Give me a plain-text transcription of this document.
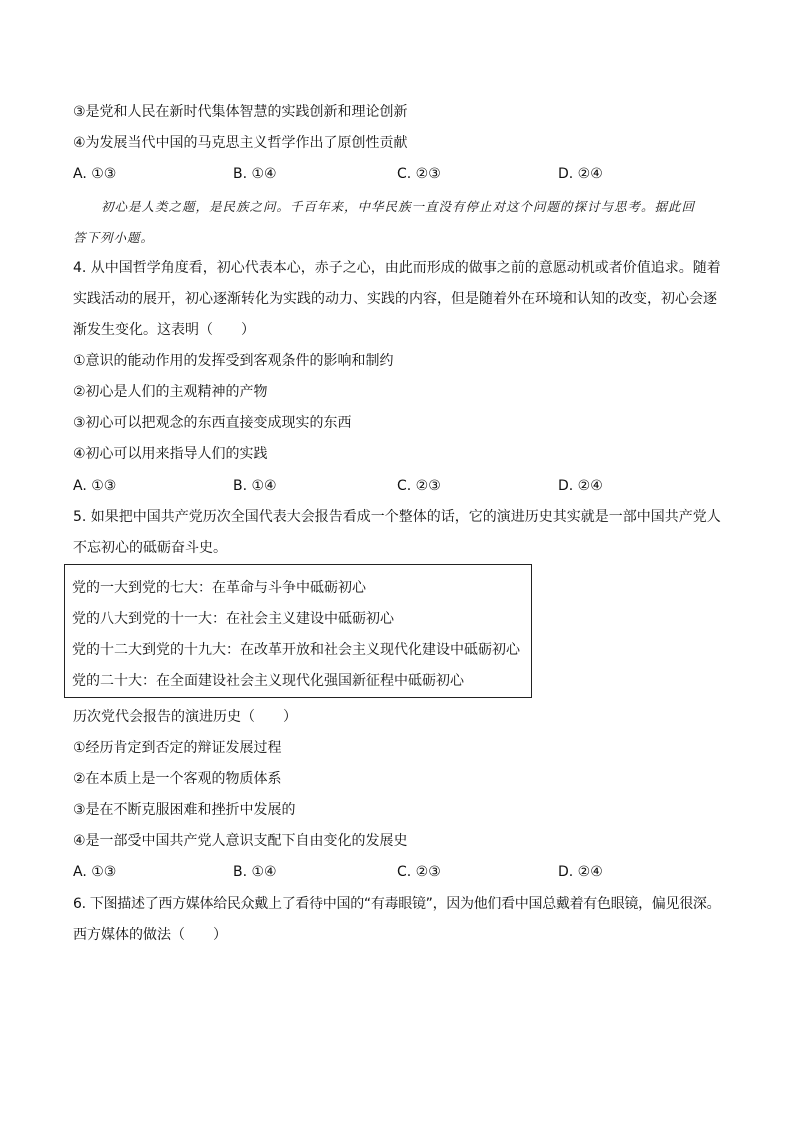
③是党和人民在新时代集体智慧的实践创新和理论创新
④为发展当代中国的马克思主义哲学作出了原创性贡献
A. ①③	B. ①④	C. ②③	D. ②④
初心是人类之题，是民族之问。千百年来，中华民族一直没有停止对这个问题的探讨与思考。据此回
答下列小题。
4. 从中国哲学角度看，初心代表本心，赤子之心，由此而形成的做事之前的意愿动机或者价值追求。随着
实践活动的展开，初心逐渐转化为实践的动力、实践的内容，但是随着外在环境和认知的改变，初心会逐
渐发生变化。这表明（　　）
①意识的能动作用的发挥受到客观条件的影响和制约
②初心是人们的主观精神的产物
③初心可以把观念的东西直接变成现实的东西
④初心可以用来指导人们的实践
A. ①③	B. ①④	C. ②③	D. ②④
5. 如果把中国共产党历次全国代表大会报告看成一个整体的话，它的演进历史其实就是一部中国共产党人
不忘初心的砥砺奋斗史。
党的一大到党的七大：在革命与斗争中砥砺初心
党的八大到党的十一大：在社会主义建设中砥砺初心
党的十二大到党的十九大：在改革开放和社会主义现代化建设中砥砺初心
党的二十大：在全面建设社会主义现代化强国新征程中砥砺初心
历次党代会报告的演进历史（　　）
①经历肯定到否定的辩证发展过程
②在本质上是一个客观的物质体系
③是在不断克服困难和挫折中发展的
④是一部受中国共产党人意识支配下自由变化的发展史
A. ①③	B. ①④	C. ②③	D. ②④
6. 下图描述了西方媒体给民众戴上了看待中国的“有毒眼镜”，因为他们看中国总戴着有色眼镜，偏见很深。
西方媒体的做法（　　）
